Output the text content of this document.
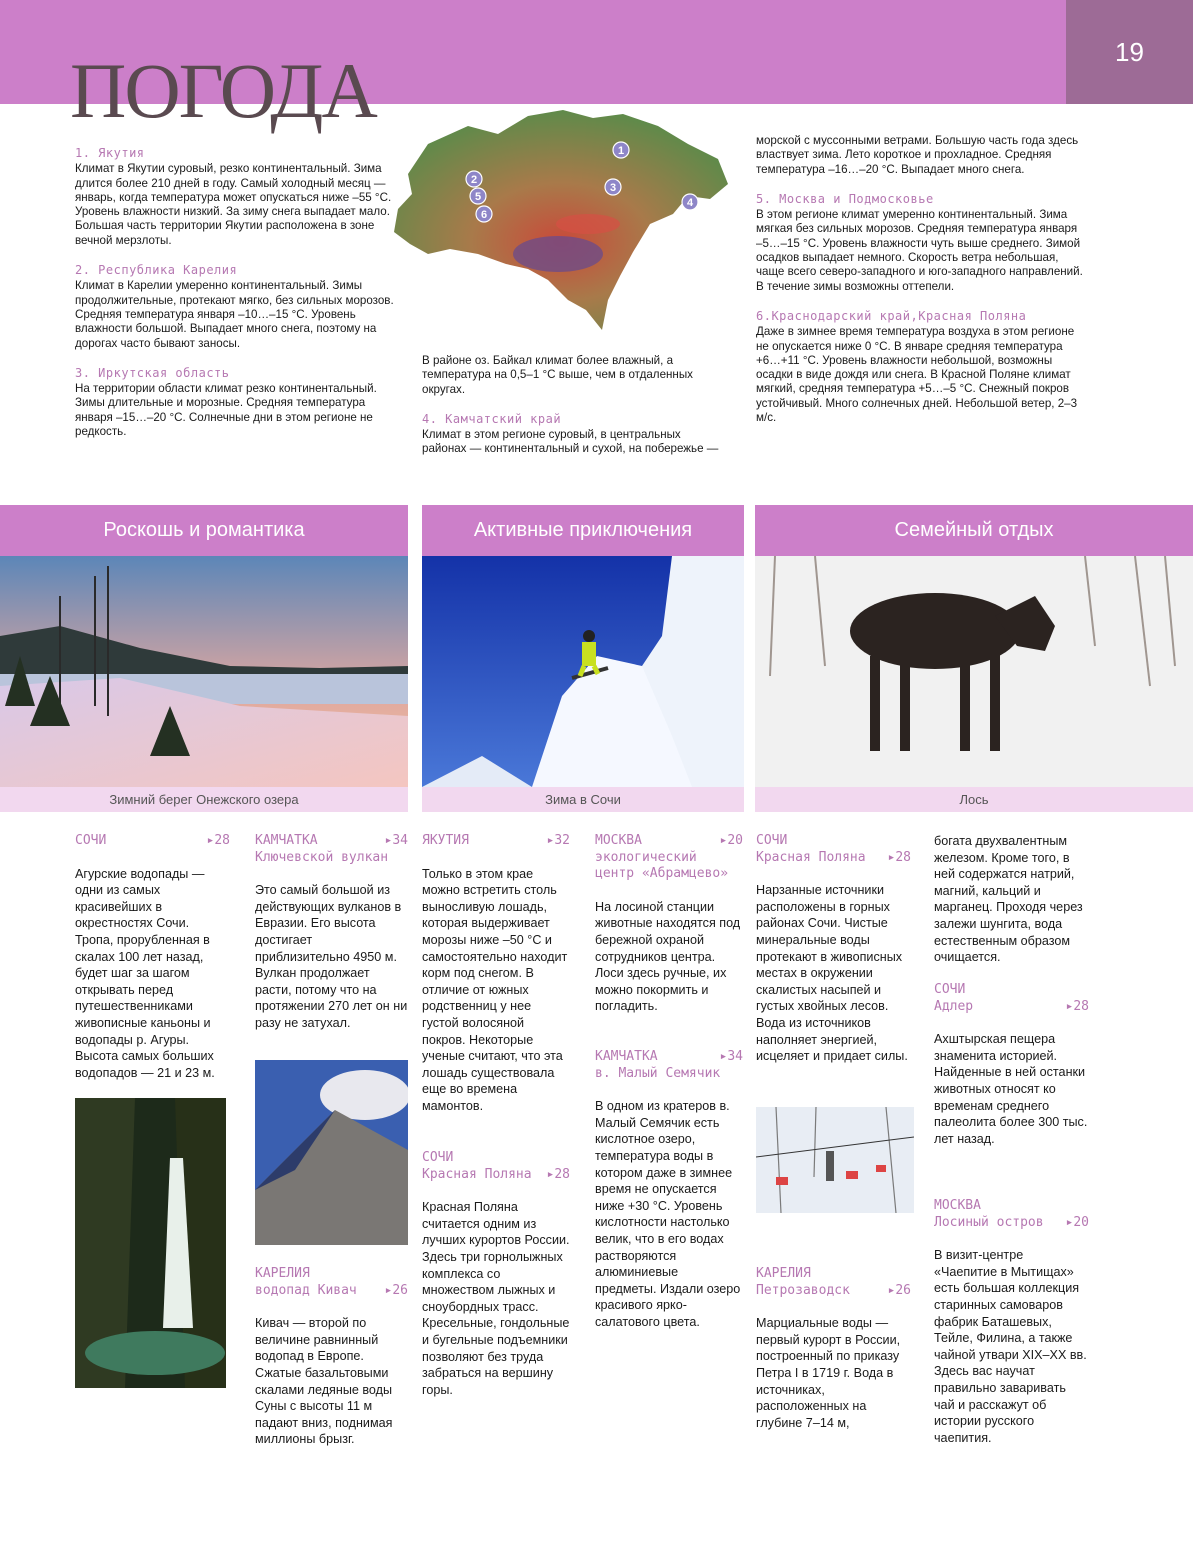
19
ПОГОДА
1. Якутия

Климат в Якутии суровый, резко континентальный. Зима длится более 210 дней в году. Самый холодный месяц — январь, когда температура может опускаться ниже –55 °C. Уровень влажности низкий. За зиму снега выпадает мало. Большая часть территории Якутии расположена в зоне вечной мерзлоты.

2. Республика Карелия

Климат в Карелии умеренно континентальный. Зимы продолжительные, протекают мягко, без сильных морозов. Средняя температура января –10…–15 °C. Уровень влажности большой. Выпадает много снега, поэтому на дорогах часто бывают заносы.

3. Иркутская область

На территории области климат резко континентальный. Зимы длительные и морозные. Средняя температура января –15…–20 °C. Солнечные дни в этом регионе не редкость.

1
2
3
4
5
6

В районе оз. Байкал климат более влажный, а температура на 0,5–1 °C выше, чем в отдаленных округах.

4. Камчатский край

Климат в этом регионе суровый, в центральных районах — континентальный и сухой, на побережье —

морской с муссонными ветрами. Большую часть года здесь властвует зима. Лето короткое и прохладное. Средняя температура –16…–20 °C. Выпадает много снега.

5. Москва и Подмосковье

В этом регионе климат умеренно континентальный. Зима мягкая без сильных морозов. Средняя температура января –5…–15 °C. Уровень влажности чуть выше среднего. Зимой осадков выпадает немного. Скорость ветра небольшая, чаще всего северо-западного и юго-западного направлений. В течение зимы возможны оттепели.

6.Краснодарский край,Красная Поляна

Даже в зимнее время температура воздуха в этом регионе не опускается ниже 0 °C. В январе средняя температура +6…+11 °C. Уровень влажности небольшой, возможны осадки в виде дождя или снега. В Красной Поляне климат мягкий, средняя температура +5…–5 °C. Снежный покров устойчивый. Много солнечных дней. Небольшой ветер, 2–3 м/с.

Роскошь и романтика	Активные приключения	Семейный отдых
Зимний берег Онежского озера	Зима в Сочи	Лось
СОЧИ	▸28
Агурские водопады — одни из самых красивейших в окрестностях Сочи. Тропа, прорубленная в скалах 100 лет назад, будет шаг за шагом открывать перед путешественниками живописные каньоны и водопады р. Агуры. Высота самых больших водопадов — 21 и 23 м.
КАМЧАТКА	▸34
Ключевской вулкан
Это самый большой из действующих вулканов в Евразии. Его высота достигает приблизительно 4950 м. Вулкан продолжает расти, потому что на протяжении 270 лет он ни разу не затухал.
КАРЕЛИЯ
водопад Кивач ▸26
Кивач — второй по величине равнинный водопад в Европе. Сжатые базальтовыми скалами ледяные воды Суны с высоты 11 м падают вниз, поднимая миллионы брызг.
ЯКУТИЯ	▸32
Только в этом крае можно встретить столь выносливую лошадь, которая выдерживает морозы ниже –50 °C и самостоятельно находит корм под снегом. В отличие от южных родственниц у нее густой волосяной покров. Некоторые ученые считают, что эта лошадь существовала еще во времена мамонтов.
СОЧИ
Красная Поляна ▸28
Красная Поляна считается одним из лучших курортов России. Здесь три горнолыжных комплекса со множеством лыжных и сноубордных трасс. Кресельные, гондольные и бугельные подъемники позволяют без труда забраться на вершину горы.
МОСКВА	▸20
экологический центр «Абрамцево»
На лосиной станции животные находятся под бережной охраной сотрудников центра. Лоси здесь ручные, их можно покормить и погладить.
КАМЧАТКА	▸34
в. Малый Семячик
В одном из кратеров в. Малый Семячик есть кислотное озеро, температура воды в котором даже в зимнее время не опускается ниже +30 °C. Уровень кислотности настолько велик, что в его водах растворяются алюминиевые предметы. Издали озеро красивого ярко-салатового цвета.
СОЧИ
Красная Поляна ▸28
Нарзанные источники расположены в горных районах Сочи. Чистые минеральные воды протекают в живописных местах в окружении скалистых насыпей и густых хвойных лесов. Вода из источников наполняет энергией, исцеляет и придает силы.
КАРЕЛИЯ
Петрозаводск	▸26
Марциальные воды — первый курорт в России, построенный по приказу Петра I в 1719 г. Вода в источниках, расположенных на глубине 7–14 м,
богата двухвалентным железом. Кроме того, в ней содержатся натрий, магний, кальций и марганец. Проходя через залежи шунгита, вода естественным образом очищается.
СОЧИ
Адлер	▸28
Ахштырская пещера знаменита историей. Найденные в ней останки животных относят ко временам среднего палеолита более 300 тыс. лет назад.
МОСКВА
Лосиный остров ▸20
В визит-центре «Чаепитие в Мытищах» есть большая коллекция старинных самоваров фабрик Баташевых, Тейле, Филина, а также чайной утвари XIX–XX вв. Здесь вас научат правильно заваривать чай и расскажут об истории русского чаепития.
